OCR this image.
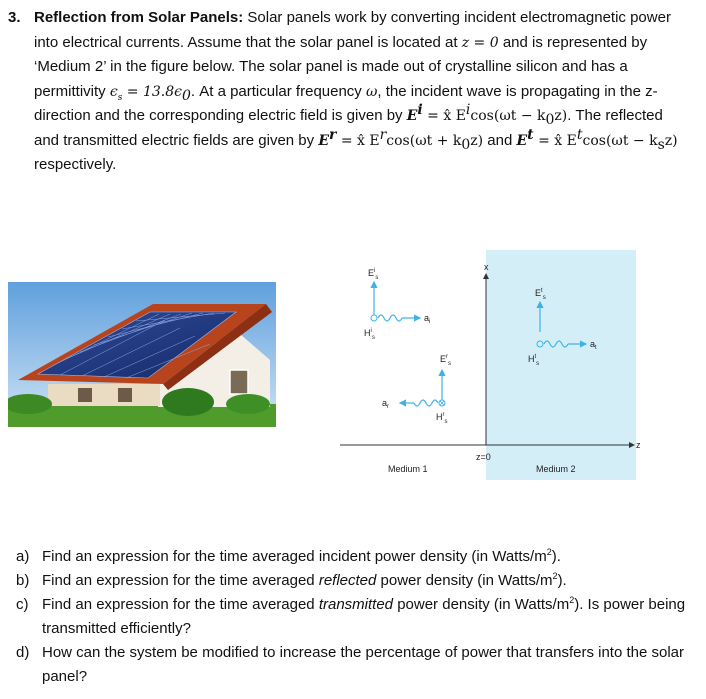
3. Reflection from Solar Panels: Solar panels work by converting incident electromagnetic power into electrical currents. Assume that the solar panel is located at z = 0 and is represented by ‘Medium 2’ in the figure below. The solar panel is made out of crystalline silicon and has a permittivity $\epsilon_s = 13.8\epsilon_0$. At a particular frequency ω, the incident wave is propagating in the z-direction and the corresponding electric field is given by $E^i$ = x̂ $E^i\cos(\omega t - k_0z)$. The reflected and transmitted electric fields are given by $E^r$ = x̂ $E^r\cos(\omega t + k_0z)$ and $E^t$ = x̂ $E^t\cos(\omega t - k_sz)$ respectively.
x
z
z=0
Medium 1	Medium 2
$E^i_s$
$H^i_s$
$a_i$
$E^r_s$
$a_r$
$H^r_s$
$E^t_s$
$H^t_s$
$a_t$
a) Find an expression for the time averaged incident power density (in Watts/$m^2$).
b) Find an expression for the time averaged reflected power density (in Watts/$m^2$).
c) Find an expression for the time averaged transmitted power density (in Watts/$m^2$). Is power being transmitted efficiently?
d) How can the system be modified to increase the percentage of power that transfers into the solar panel?
